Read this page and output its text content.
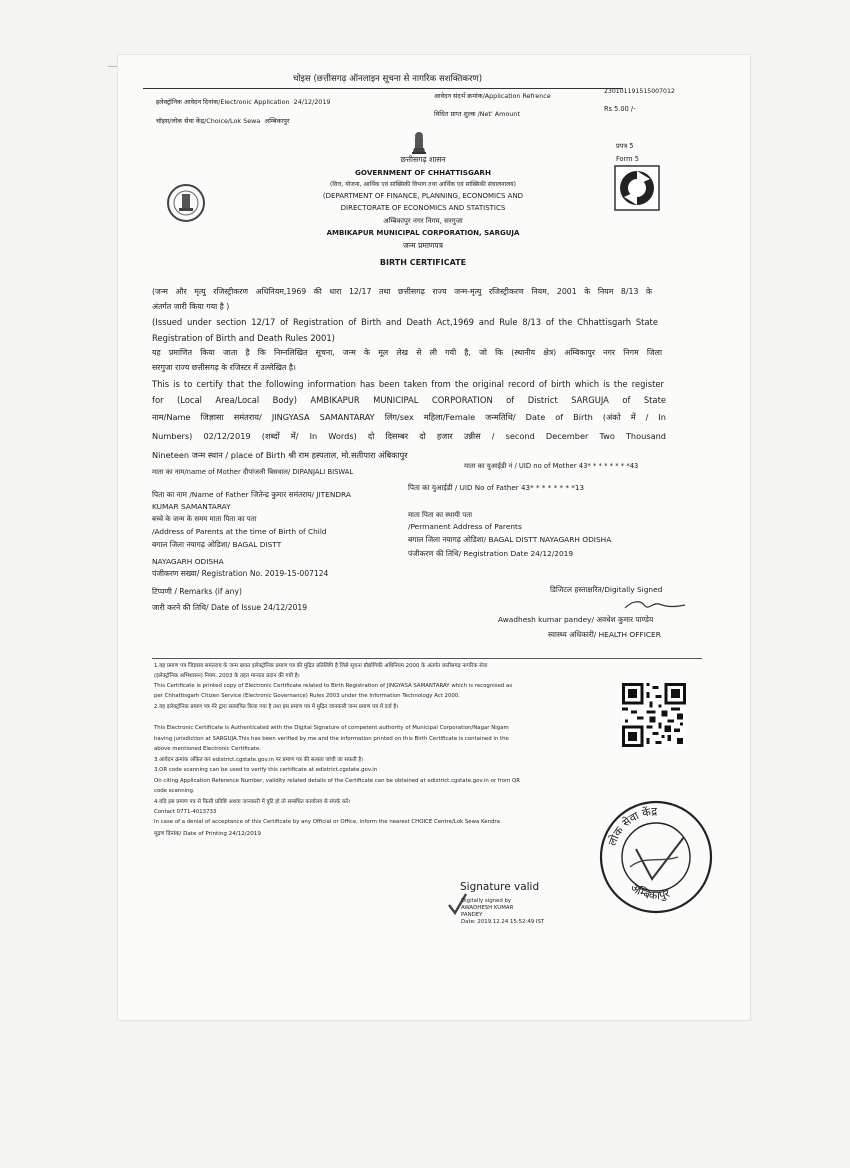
चोइस (छत्तीसगढ़ ऑनलाइन सूचना से नागरिक सशक्तिकरण)
इलेक्ट्रॉनिक आवेदन दिनांक/Electronic Application 24/12/2019
आवेदन संदर्भ क्रमांक/Application Refrence
230101191515007012
चॉइस/लोक सेवा केंद्र/Choice/Lok Sewa अम्बिकापुर
विधित प्राप्त शुल्क /Net' Amount
Rs 5.00 /-
छत्तीसगढ़ शासन
GOVERNMENT OF CHHATTISGARH
(वित्त, योजना, आर्थिक एवं सांख्यिकी विभाग तथा आर्थिक एवं सांख्यिकी संचालनालय)
(DEPARTMENT OF FINANCE, PLANNING, ECONOMICS AND
DIRECTORATE OF ECONOMICS AND STATISTICS
अम्बिकापुर नगर निगम, सरगुजा
AMBIKAPUR MUNICIPAL CORPORATION, SARGUJA
जन्म प्रमाणपत्र
BIRTH CERTIFICATE
प्रपत्र 5
Form 5
(जन्म और मृत्यु रजिस्ट्रीकरण अधिनियम,1969 की धारा 12/17 तथा छत्तीसगढ़ राज्य जन्म-मृत्यु रजिस्ट्रीकरण नियम, 2001 के नियम 8/13 के
अंतर्गत जारी किया गया है )
(Issued under section 12/17 of Registration of Birth and Death Act,1969 and Rule 8/13 of the Chhattisgarh State
Registration of Birth and Death Rules 2001)
यह प्रमाणित किया जाता है कि निम्नलिखित सूचना, जन्म के मूल लेख से ली गयी है, जो कि (स्थानीय क्षेत्र) अम्बिकापुर नगर निगम जिला
सरगुजा राज्य छत्तीसगढ़ के रजिस्टर में उल्लेखित है।
This is to certify that the following information has been taken from the original record of birth which is the register
for (Local Area/Local Body) AMBIKAPUR MUNICIPAL CORPORATION of District SARGUJA of State
नाम/Name जिज्ञासा समंतराय/ JINGYASA SAMANTARAY लिंग/sex महिला/Female जन्मतिथि/ Date of Birth (अंको में / In
Numbers) 02/12/2019 (शब्दों में/ In Words) दो दिसम्बर दो हजार उन्नीस / second December Two Thousand
Nineteen जन्म स्थान / place of Birth श्री राम हस्पताल, मो.सतीपारा अंबिकापुर
माता का नाम/name of Mother दीपांजली बिसवाल/ DIPANJALI BISWAL
माता का युआईडी नं / UID no of Mother 43* * * * * * * *43
पिता का नाम /Name of Father जितेन्द्र कुमार समंतराय/ JITENDRA
KUMAR SAMANTARAY
पिता का युआईडी / UID No of Father 43* * * * * * * *13
बच्चे के जन्म के समय माता पिता का पता
/Address of Parents at the time of Birth of Child
बगाल जिला नयागढ़ ओडिशा/ BAGAL DISTT
NAYAGARH ODISHA
माता पिता का स्थायी पता
/Permanent Address of Parents
बगाल जिला नयागढ़ ओडिशा/ BAGAL DISTT NAYAGARH ODISHA
पंजीकरण सख्या/ Registration No. 2019-15-007124
पंजीकरण की तिथि/ Registration Date 24/12/2019
टिप्पणी / Remarks (if any)
जारी करने की तिथि/ Date of Issue 24/12/2019
डिजिटल हस्ताक्षरित/Digitally Signed
Awadhesh kumar pandey/ अवधेश कुमार पाण्डेय
स्वास्थ्य अधिकारी/ HEALTH OFFICER
1.यह प्रमाण पत्र जिज्ञासा समंतराय के जन्म बावत इलेक्ट्रॉनिक प्रमाण पत्र की मुद्रित प्रतिलिपि है जिसे सूचना प्रौद्योगिकी अधिनियम 2000 के अंतर्गत छत्तीसगढ़ नागरिक सेवा
(इलेक्ट्रॉनिक अभिशासन) नियम, 2003 के तहत मान्यता प्रदान की गयी है।
This Certificate is printed copy of Electronic Certificate related to Birth Registration of JINGYASA SAMANTARAY which is recognised as
per Chhattisgarh Citizen Service (Electronic Governance) Rules 2003 under the Information Technology Act 2000.
2.यह इलेक्ट्रॉनिक प्रमाण पत्र मेरे द्वारा सत्यापित किया गया है तथा इस प्रमाण पत्र में मुद्रित जानकारी जन्म प्रमाण पत्र में दर्ज है।
This Electronic Certificate is Authenticated with the Digital Signature of competent authority of Municipal Corporation/Nagar Nigam
having jurisdiction at SARGUJA.This has been verified by me and the information printed on this Birth Certificate is contained in the
above mentioned Electronic Certificate.
3.आवेदन क्रमांक अंकित कर edistrict.cgstate.gov.in पर प्रमाण पत्र की सत्यता जांची जा सकती है।
3.OR code scanning can be used to verify this certificate at edistrict.cgstate.gov.in
On citing Application Reference Number, validity related details of the Certificate can be obtained at edistrict.cgstate.gov.in or from QR
code scanning.
4.यदि इस प्रमाण पत्र से किसी प्रविष्टि अथवा जानकारी में त्रुटि हो तो सम्बंधित कार्यालय से संपर्क करें।
Contact 0771-4013733
In case of a denial of acceptance of this Certificate by any Official or Office, inform the nearest CHOICE Centre/Lok Sewa Kendra
मुद्रण दिनांक/ Date of Printing 24/12/2019	लोक सेवा केंद्र
अम्बिकापुर
Signature valid
Digitally signed by
AWADHESH KUMAR
PANDEY
Date: 2019.12.24 15:52:49 IST
